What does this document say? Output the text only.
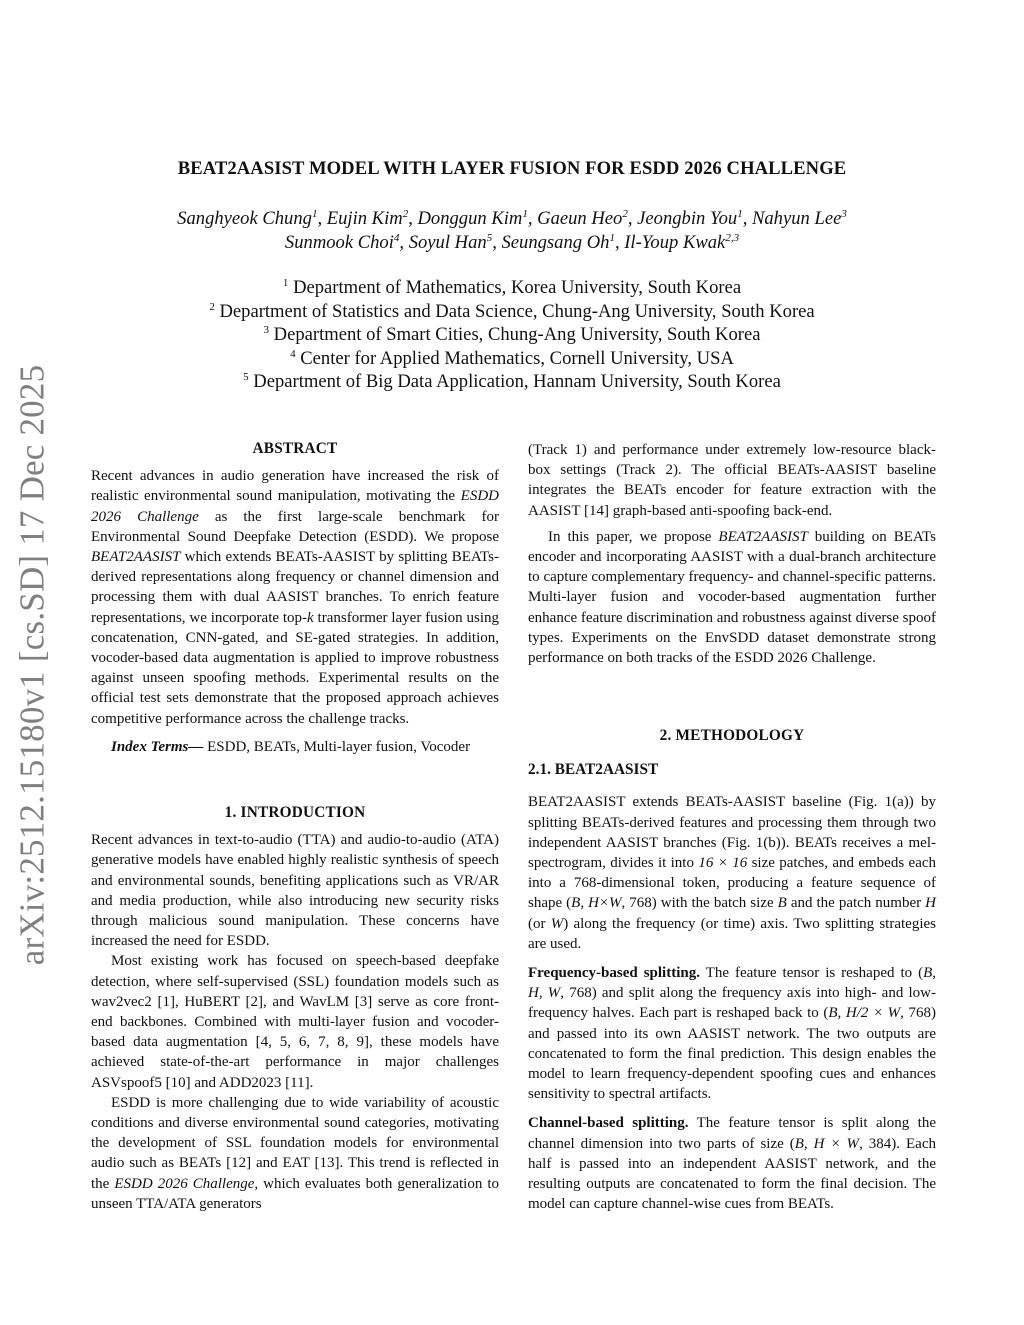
arXiv:2512.15180v1 [cs.SD] 17 Dec 2025
BEAT2AASIST MODEL WITH LAYER FUSION FOR ESDD 2026 CHALLENGE
Sanghyeok Chung$^1$, Eujin Kim$^2$, Donggun Kim$^1$, Gaeun Heo$^2$, Jeongbin You$^1$, Nahyun Lee$^3$
Sunmook Choi$^4$, Soyul Han$^5$, Seungsang Oh$^1$, Il-Youp Kwak$^{2,3}$
$^1$ Department of Mathematics, Korea University, South Korea
$^2$ Department of Statistics and Data Science, Chung-Ang University, South Korea
$^3$ Department of Smart Cities, Chung-Ang University, South Korea
$^4$ Center for Applied Mathematics, Cornell University, USA
$^5$ Department of Big Data Application, Hannam University, South Korea
ABSTRACT

Recent advances in audio generation have increased the risk of realistic environmental sound manipulation, motivating the ESDD 2026 Challenge as the first large-scale benchmark for Environmental Sound Deepfake Detection (ESDD). We propose BEAT2AASIST which extends BEATs-AASIST by splitting BEATs-derived representations along frequency or channel dimension and processing them with dual AASIST branches. To enrich feature representations, we incorporate top-k transformer layer fusion using concatenation, CNN-gated, and SE-gated strategies. In addition, vocoder-based data augmentation is applied to improve robustness against unseen spoofing methods. Experimental results on the official test sets demonstrate that the proposed approach achieves competitive performance across the challenge tracks.

Index Terms— ESDD, BEATs, Multi-layer fusion, Vocoder

1. INTRODUCTION

Recent advances in text-to-audio (TTA) and audio-to-audio (ATA) generative models have enabled highly realistic synthesis of speech and environmental sounds, benefiting applications such as VR/AR and media production, while also introducing new security risks through malicious sound manipulation. These concerns have increased the need for ESDD.

Most existing work has focused on speech-based deepfake detection, where self-supervised (SSL) foundation models such as wav2vec2 [1], HuBERT [2], and WavLM [3] serve as core front-end backbones. Combined with multi-layer fusion and vocoder-based data augmentation [4, 5, 6, 7, 8, 9], these models have achieved state-of-the-art performance in major challenges ASVspoof5 [10] and ADD2023 [11].

ESDD is more challenging due to wide variability of acoustic conditions and diverse environmental sound categories, motivating the development of SSL foundation models for environmental audio such as BEATs [12] and EAT [13]. This trend is reflected in the ESDD 2026 Challenge, which evaluates both generalization to unseen TTA/ATA generators

(Track 1) and performance under extremely low-resource black-box settings (Track 2). The official BEATs-AASIST baseline integrates the BEATs encoder for feature extraction with the AASIST [14] graph-based anti-spoofing back-end.

In this paper, we propose BEAT2AASIST building on BEATs encoder and incorporating AASIST with a dual-branch architecture to capture complementary frequency- and channel-specific patterns. Multi-layer fusion and vocoder-based augmentation further enhance feature discrimination and robustness against diverse spoof types. Experiments on the EnvSDD dataset demonstrate strong performance on both tracks of the ESDD 2026 Challenge.

2. METHODOLOGY
2.1. BEAT2AASIST

BEAT2AASIST extends BEATs-AASIST baseline (Fig. 1(a)) by splitting BEATs-derived features and processing them through two independent AASIST branches (Fig. 1(b)). BEATs receives a mel-spectrogram, divides it into 16 × 16 size patches, and embeds each into a 768-dimensional token, producing a feature sequence of shape (B, H×W, 768) with the batch size B and the patch number H (or W) along the frequency (or time) axis. Two splitting strategies are used.

Frequency-based splitting. The feature tensor is reshaped to (B, H, W, 768) and split along the frequency axis into high- and low-frequency halves. Each part is reshaped back to (B, H/2 × W, 768) and passed into its own AASIST network. The two outputs are concatenated to form the final prediction. This design enables the model to learn frequency-dependent spoofing cues and enhances sensitivity to spectral artifacts.

Channel-based splitting. The feature tensor is split along the channel dimension into two parts of size (B, H × W, 384). Each half is passed into an independent AASIST network, and the resulting outputs are concatenated to form the final decision. The model can capture channel-wise cues from BEATs.
